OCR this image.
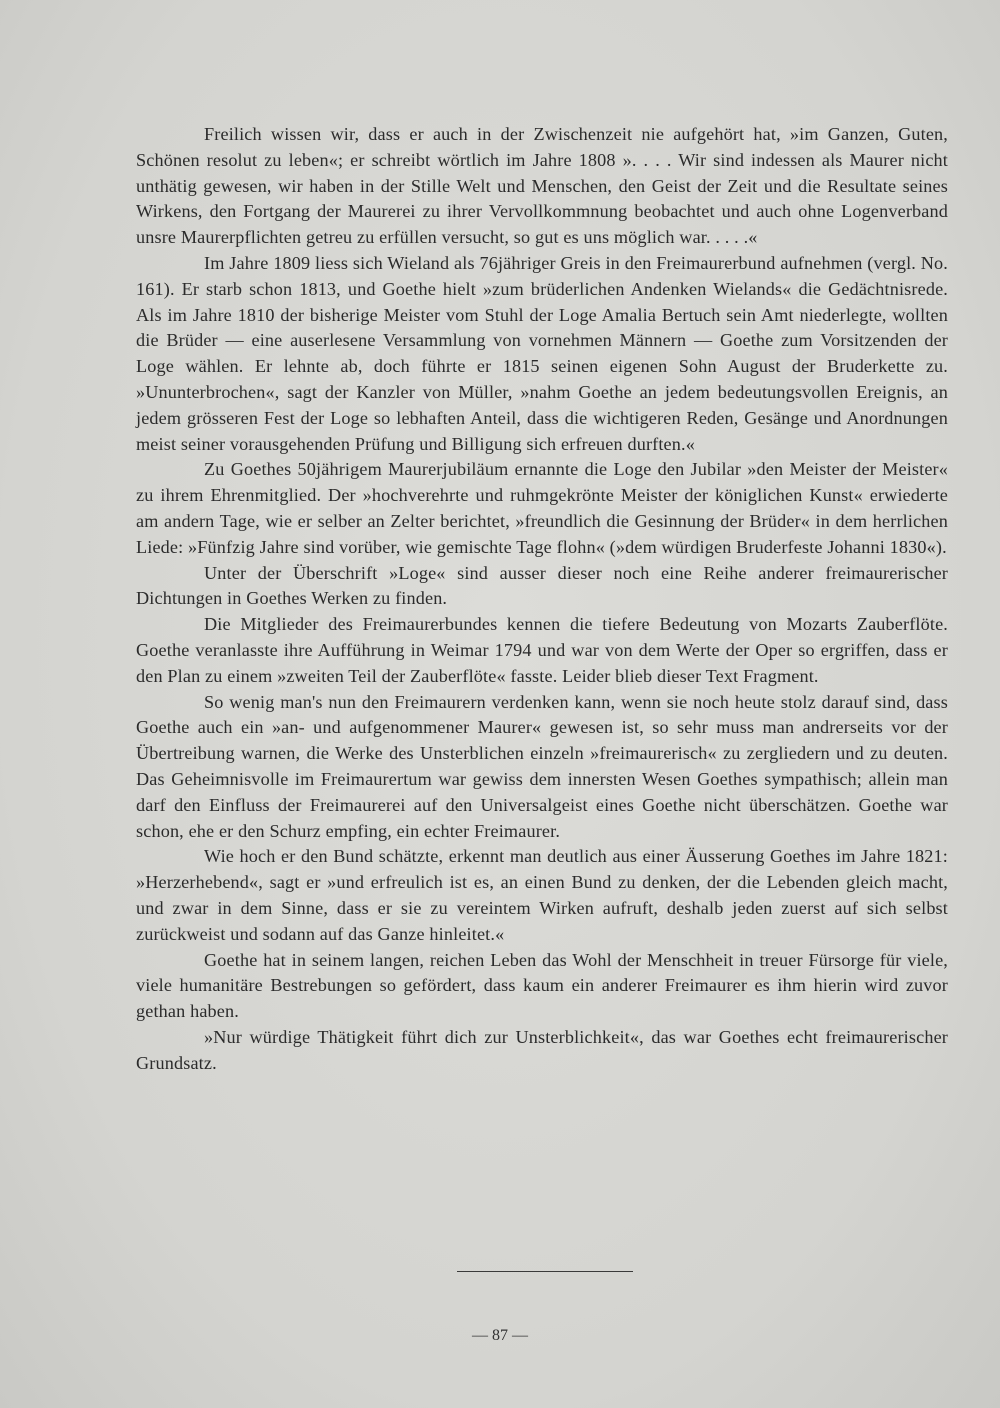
Freilich wissen wir, dass er auch in der Zwischenzeit nie aufgehört hat, »im Ganzen, Guten, Schönen resolut zu leben«; er schreibt wörtlich im Jahre 1808 ». . . . Wir sind indessen als Maurer nicht unthätig gewesen, wir haben in der Stille Welt und Menschen, den Geist der Zeit und die Resultate seines Wirkens, den Fortgang der Maurerei zu ihrer Vervollkommnung beobachtet und auch ohne Logenverband unsre Maurerpflichten getreu zu erfüllen versucht, so gut es uns möglich war. . . . .«

Im Jahre 1809 liess sich Wieland als 76jähriger Greis in den Freimaurerbund aufnehmen (vergl. No. 161). Er starb schon 1813, und Goethe hielt »zum brüderlichen Andenken Wielands« die Gedächtnisrede. Als im Jahre 1810 der bisherige Meister vom Stuhl der Loge Amalia Bertuch sein Amt niederlegte, wollten die Brüder — eine auserlesene Versammlung von vornehmen Männern — Goethe zum Vorsitzenden der Loge wählen. Er lehnte ab, doch führte er 1815 seinen eigenen Sohn August der Bruderkette zu. »Ununterbrochen«, sagt der Kanzler von Müller, »nahm Goethe an jedem bedeutungsvollen Ereignis, an jedem grösseren Fest der Loge so lebhaften Anteil, dass die wichtigeren Reden, Gesänge und Anordnungen meist seiner vorausgehenden Prüfung und Billigung sich erfreuen durften.«

Zu Goethes 50jährigem Maurerjubiläum ernannte die Loge den Jubilar »den Meister der Meister« zu ihrem Ehrenmitglied. Der »hochverehrte und ruhmgekrönte Meister der königlichen Kunst« erwiederte am andern Tage, wie er selber an Zelter berichtet, »freundlich die Gesinnung der Brüder« in dem herrlichen Liede: »Fünfzig Jahre sind vorüber, wie gemischte Tage flohn« (»dem würdigen Bruderfeste Johanni 1830«).

Unter der Überschrift »Loge« sind ausser dieser noch eine Reihe anderer freimaurerischer Dichtungen in Goethes Werken zu finden.

Die Mitglieder des Freimaurerbundes kennen die tiefere Bedeutung von Mozarts Zauberflöte. Goethe veranlasste ihre Aufführung in Weimar 1794 und war von dem Werte der Oper so ergriffen, dass er den Plan zu einem »zweiten Teil der Zauberflöte« fasste. Leider blieb dieser Text Fragment.

So wenig man's nun den Freimaurern verdenken kann, wenn sie noch heute stolz darauf sind, dass Goethe auch ein »an- und aufgenommener Maurer« gewesen ist, so sehr muss man andrerseits vor der Übertreibung warnen, die Werke des Unsterblichen einzeln »freimaurerisch« zu zergliedern und zu deuten. Das Geheimnisvolle im Freimaurertum war gewiss dem innersten Wesen Goethes sympathisch; allein man darf den Einfluss der Freimaurerei auf den Universalgeist eines Goethe nicht überschätzen. Goethe war schon, ehe er den Schurz empfing, ein echter Freimaurer.

Wie hoch er den Bund schätzte, erkennt man deutlich aus einer Äusserung Goethes im Jahre 1821: »Herzerhebend«, sagt er »und erfreulich ist es, an einen Bund zu denken, der die Lebenden gleich macht, und zwar in dem Sinne, dass er sie zu vereintem Wirken aufruft, deshalb jeden zuerst auf sich selbst zurückweist und sodann auf das Ganze hinleitet.«

Goethe hat in seinem langen, reichen Leben das Wohl der Menschheit in treuer Fürsorge für viele, viele humanitäre Bestrebungen so gefördert, dass kaum ein anderer Freimaurer es ihm hierin wird zuvor gethan haben.

»Nur würdige Thätigkeit führt dich zur Unsterblichkeit«, das war Goethes echt freimaurerischer Grundsatz.

— 87 —
